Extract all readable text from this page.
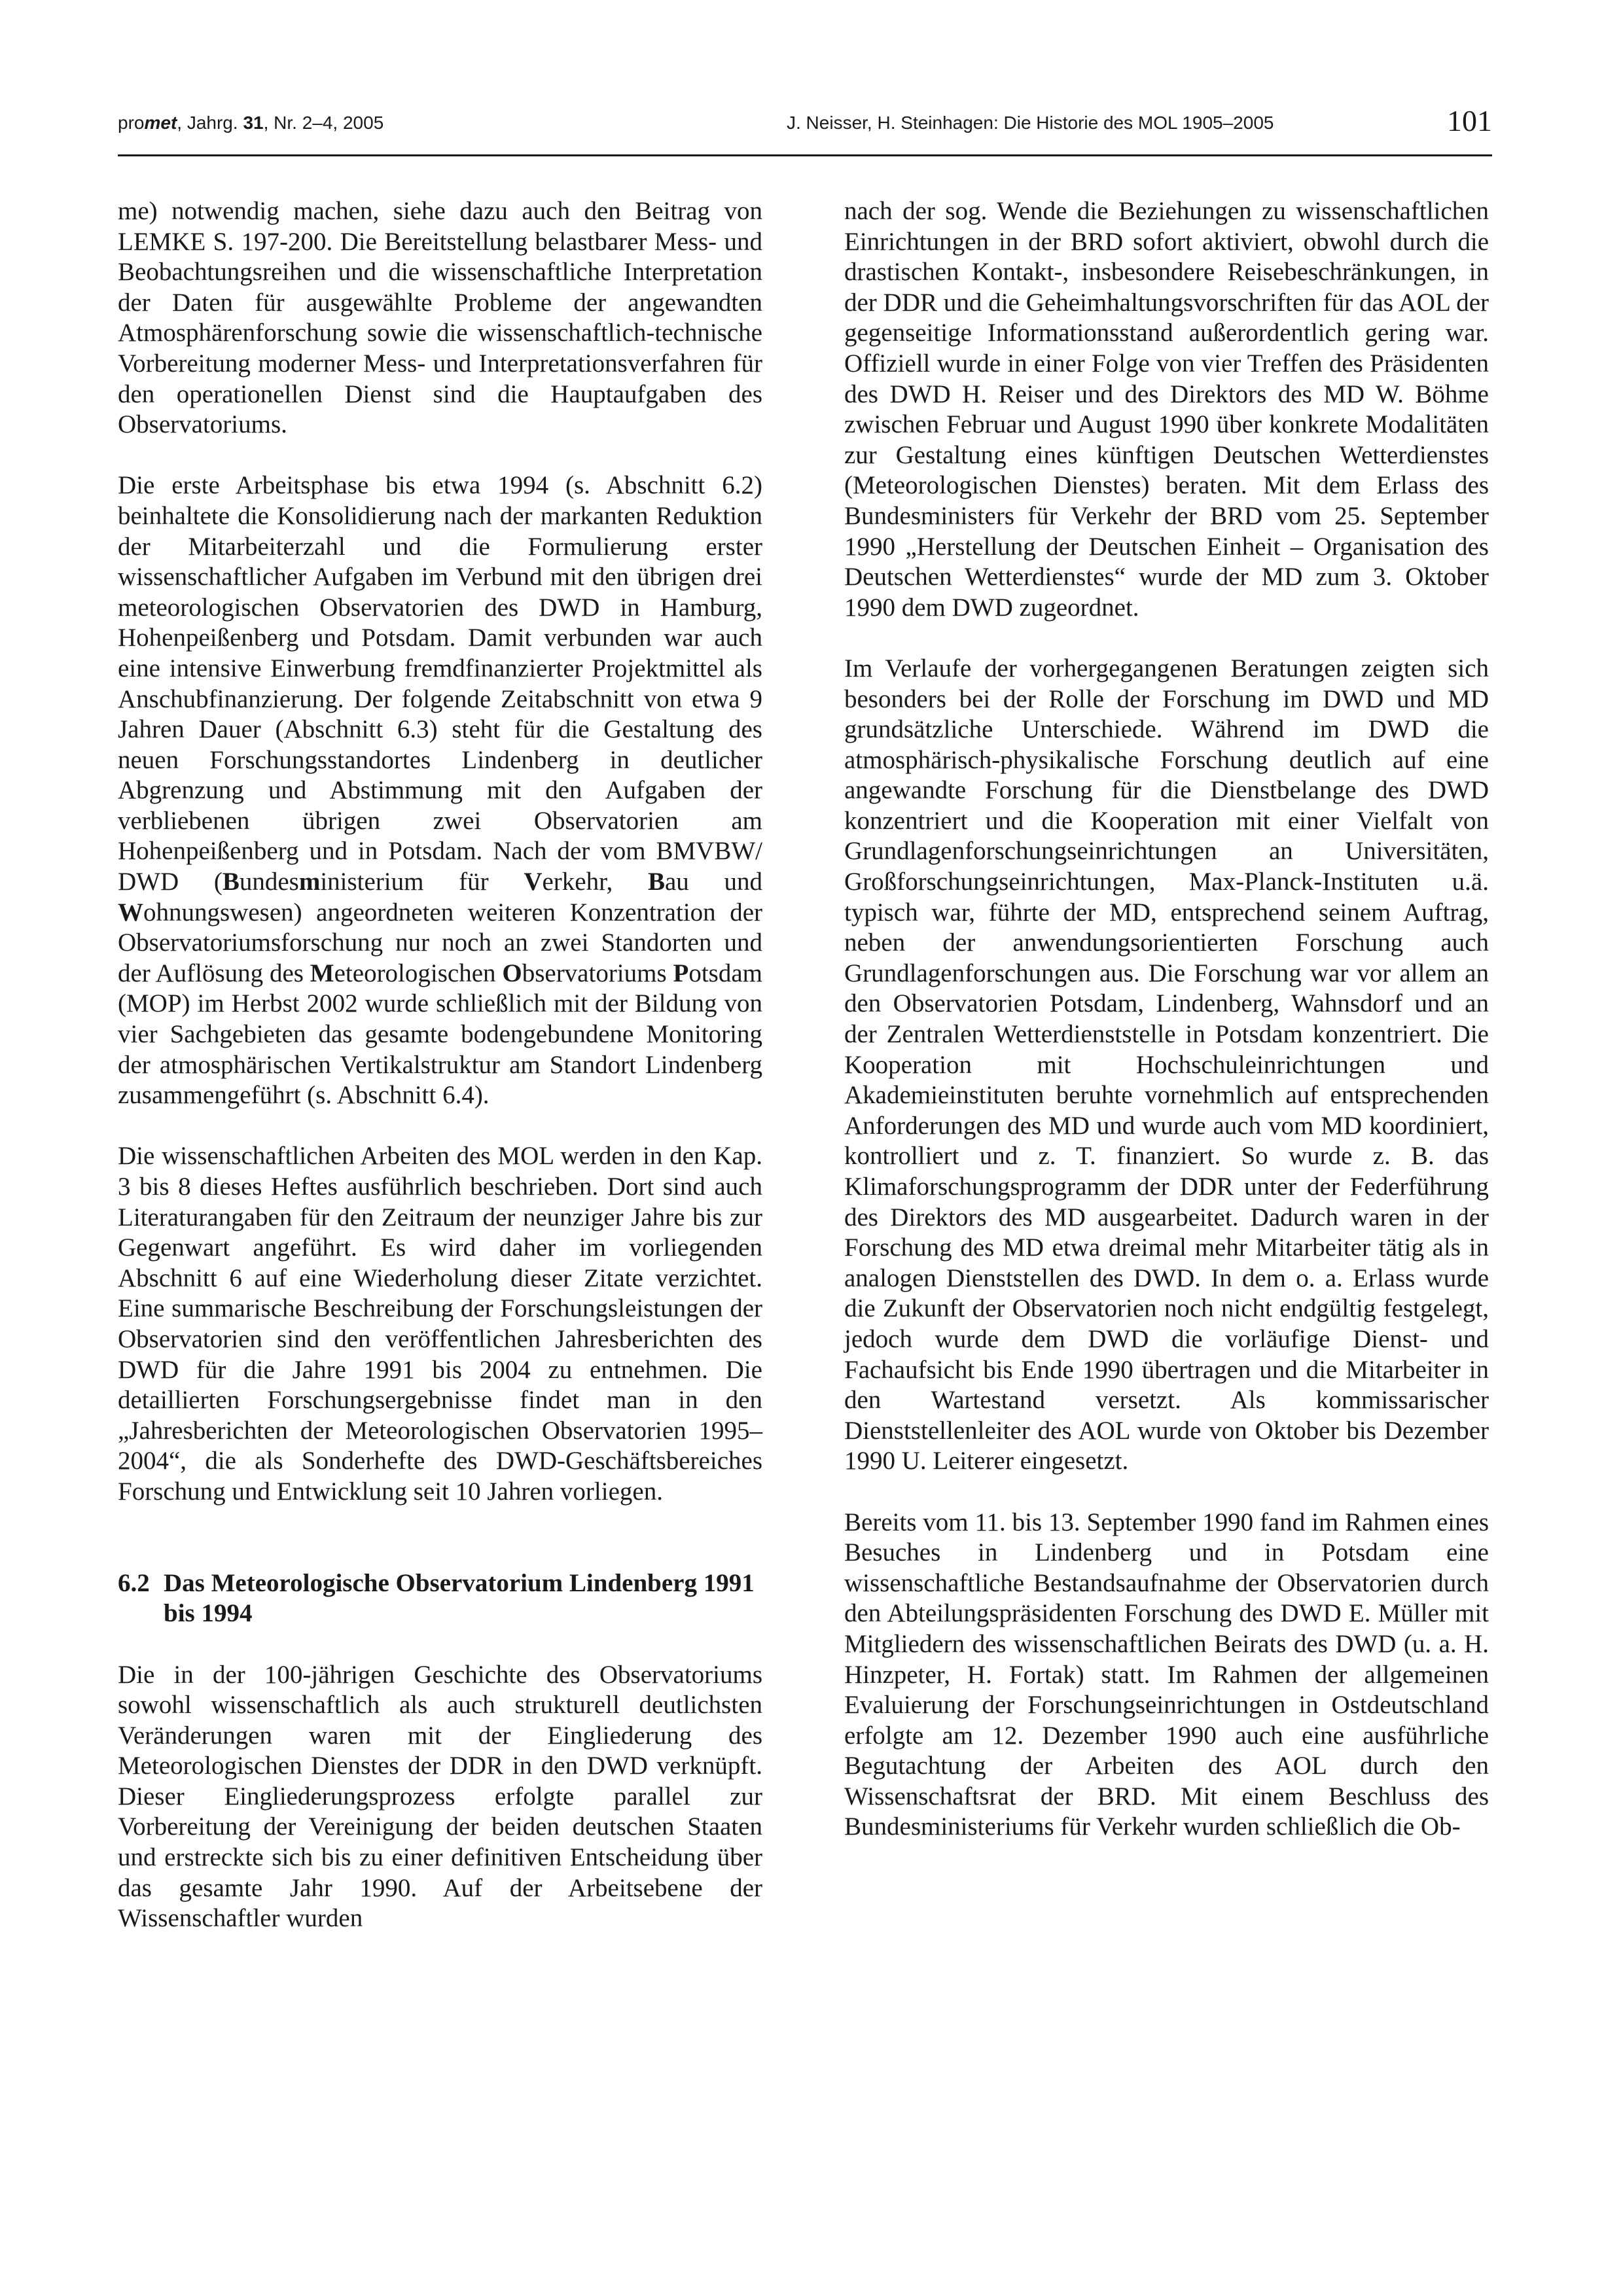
promet, Jahrg. 31, Nr. 2–4, 2005	J. Neisser, H. Steinhagen: Die Historie des MOL 1905–2005	101

me) notwendig machen, siehe dazu auch den Beitrag von LEMKE S. 197-200. Die Bereitstellung belastbarer Mess- und Beobachtungsreihen und die wissenschaftliche Interpretation der Daten für ausgewählte Probleme der angewandten Atmosphärenforschung sowie die wissenschaftlich-technische Vorbereitung moderner Mess- und Interpretationsverfahren für den operationellen Dienst sind die Hauptaufgaben des Observatoriums.

Die erste Arbeitsphase bis etwa 1994 (s. Abschnitt 6.2) beinhaltete die Konsolidierung nach der markanten Reduktion der Mitarbeiterzahl und die Formulierung erster wissenschaftlicher Aufgaben im Verbund mit den übrigen drei meteorologischen Observatorien des DWD in Hamburg, Hohenpeißenberg und Potsdam. Damit verbunden war auch eine intensive Einwerbung fremdfinanzierter Projektmittel als Anschubfinanzierung. Der folgende Zeitabschnitt von etwa 9 Jahren Dauer (Abschnitt 6.3) steht für die Gestaltung des neuen Forschungsstandortes Lindenberg in deutlicher Abgrenzung und Abstimmung mit den Aufgaben der verbliebenen übrigen zwei Observatorien am Hohenpeißenberg und in Potsdam. Nach der vom BMVBW/ DWD (Bundesministerium für Verkehr, Bau und Wohnungswesen) angeordneten weiteren Konzentration der Observatoriumsforschung nur noch an zwei Standorten und der Auflösung des Meteorologischen Observatoriums Potsdam (MOP) im Herbst 2002 wurde schließlich mit der Bildung von vier Sachgebieten das gesamte bodengebundene Monitoring der atmosphärischen Vertikalstruktur am Standort Lindenberg zusammengeführt (s. Abschnitt 6.4).

Die wissenschaftlichen Arbeiten des MOL werden in den Kap. 3 bis 8 dieses Heftes ausführlich beschrieben. Dort sind auch Literaturangaben für den Zeitraum der neunziger Jahre bis zur Gegenwart angeführt. Es wird daher im vorliegenden Abschnitt 6 auf eine Wiederholung dieser Zitate verzichtet. Eine summarische Beschreibung der Forschungsleistungen der Observatorien sind den veröffentlichen Jahresberichten des DWD für die Jahre 1991 bis 2004 zu entnehmen. Die detaillierten Forschungsergebnisse findet man in den „Jahresberichten der Meteorologischen Observatorien 1995–2004“, die als Sonderhefte des DWD-Geschäftsbereiches Forschung und Entwicklung seit 10 Jahren vorliegen.

6.2 Das Meteorologische Observatorium Lindenberg 1991 bis 1994

Die in der 100-jährigen Geschichte des Observatoriums sowohl wissenschaftlich als auch strukturell deutlichsten Veränderungen waren mit der Eingliederung des Meteorologischen Dienstes der DDR in den DWD verknüpft. Dieser Eingliederungsprozess erfolgte parallel zur Vorbereitung der Vereinigung der beiden deutschen Staaten und erstreckte sich bis zu einer definitiven Entscheidung über das gesamte Jahr 1990. Auf der Arbeitsebene der Wissenschaftler wurden

nach der sog. Wende die Beziehungen zu wissenschaftlichen Einrichtungen in der BRD sofort aktiviert, obwohl durch die drastischen Kontakt-, insbesondere Reisebeschränkungen, in der DDR und die Geheimhaltungsvorschriften für das AOL der gegenseitige Informationsstand außerordentlich gering war. Offiziell wurde in einer Folge von vier Treffen des Präsidenten des DWD H. Reiser und des Direktors des MD W. Böhme zwischen Februar und August 1990 über konkrete Modalitäten zur Gestaltung eines künftigen Deutschen Wetterdienstes (Meteorologischen Dienstes) beraten. Mit dem Erlass des Bundesministers für Verkehr der BRD vom 25. September 1990 „Herstellung der Deutschen Einheit – Organisation des Deutschen Wetterdienstes“ wurde der MD zum 3. Oktober 1990 dem DWD zugeordnet.

Im Verlaufe der vorhergegangenen Beratungen zeigten sich besonders bei der Rolle der Forschung im DWD und MD grundsätzliche Unterschiede. Während im DWD die atmosphärisch-physikalische Forschung deutlich auf eine angewandte Forschung für die Dienstbelange des DWD konzentriert und die Kooperation mit einer Vielfalt von Grundlagenforschungseinrichtungen an Universitäten, Großforschungseinrichtungen, Max-Planck-Instituten u.ä. typisch war, führte der MD, entsprechend seinem Auftrag, neben der anwendungsorientierten Forschung auch Grundlagenforschungen aus. Die Forschung war vor allem an den Observatorien Potsdam, Lindenberg, Wahnsdorf und an der Zentralen Wetterdienststelle in Potsdam konzentriert. Die Kooperation mit Hochschuleinrichtungen und Akademieinstituten beruhte vornehmlich auf entsprechenden Anforderungen des MD und wurde auch vom MD koordiniert, kontrolliert und z. T. finanziert. So wurde z. B. das Klimaforschungsprogramm der DDR unter der Federführung des Direktors des MD ausgearbeitet. Dadurch waren in der Forschung des MD etwa dreimal mehr Mitarbeiter tätig als in analogen Dienststellen des DWD. In dem o. a. Erlass wurde die Zukunft der Observatorien noch nicht endgültig festgelegt, jedoch wurde dem DWD die vorläufige Dienst- und Fachaufsicht bis Ende 1990 übertragen und die Mitarbeiter in den Wartestand versetzt. Als kommissarischer Dienststellenleiter des AOL wurde von Oktober bis Dezember 1990 U. Leiterer eingesetzt.

Bereits vom 11. bis 13. September 1990 fand im Rahmen eines Besuches in Lindenberg und in Potsdam eine wissenschaftliche Bestandsaufnahme der Observatorien durch den Abteilungspräsidenten Forschung des DWD E. Müller mit Mitgliedern des wissenschaftlichen Beirats des DWD (u. a. H. Hinzpeter, H. Fortak) statt. Im Rahmen der allgemeinen Evaluierung der Forschungseinrichtungen in Ostdeutschland erfolgte am 12. Dezember 1990 auch eine ausführliche Begutachtung der Arbeiten des AOL durch den Wissenschaftsrat der BRD. Mit einem Beschluss des Bundesministeriums für Verkehr wurden schließlich die Ob-
